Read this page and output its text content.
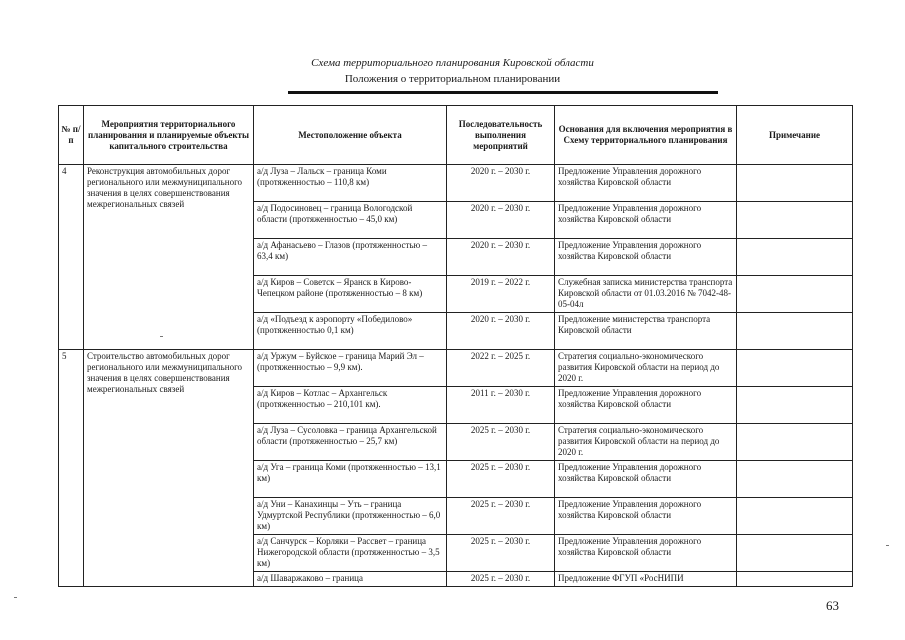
Схема территориального планирования Кировской области
Положения о территориальном планировании
№ п/п	Мероприятия территориального планирования и планируемые объекты капитального строительства	Местоположение объекта	Последовательность выполнения мероприятий	Основания для включения мероприятия в Схему территориального планирования	Примечание
4	Реконструкция автомобильных дорог регионального или межмуниципального значения в целях совершенствования межрегиональных связей	а/д Луза – Лальск – граница Коми (протяженностью – 110,8 км)	2020 г. – 2030 г.	Предложение Управления дорожного хозяйства Кировской области	
		а/д Подосиновец – граница Вологодской области (протяженностью – 45,0 км)	2020 г. – 2030 г.	Предложение Управления дорожного хозяйства Кировской области	
		а/д Афанасьево – Глазов (протяженностью – 63,4 км)	2020 г. – 2030 г.	Предложение Управления дорожного хозяйства Кировской области	
		а/д Киров – Советск – Яранск в Кирово-Чепецком районе (протяженностью – 8 км)	2019 г. – 2022 г.	Служебная записка министерства транспорта Кировской области от 01.03.2016 № 7042-48-05-04л	
		а/д «Подъезд к аэропорту «Победилово» (протяженностью 0,1 км)	2020 г. – 2030 г.	Предложение министерства транспорта Кировской области	
5	Строительство автомобильных дорог регионального или межмуниципального значения в целях совершенствования межрегиональных связей	а/д Уржум – Буйское – граница Марий Эл – (протяженностью – 9,9 км).	2022 г. – 2025 г.	Стратегия социально-экономического развития Кировской области на период до 2020 г.	
		а/д Киров – Котлас – Архангельск (протяженностью – 210,101 км).	2011 г. – 2030 г.	Предложение Управления дорожного хозяйства Кировской области	
		а/д Луза – Сусоловка – граница Архангельской области (протяженностью – 25,7 км)	2025 г. – 2030 г.	Стратегия социально-экономического развития Кировской области на период до 2020 г.	
		а/д Уга – граница Коми (протяженностью – 13,1 км)	2025 г. – 2030 г.	Предложение Управления дорожного хозяйства Кировской области	
		а/д Уни – Канахинцы – Уть – граница Удмуртской Республики (протяженностью – 6,0 км)	2025 г. – 2030 г.	Предложение Управления дорожного хозяйства Кировской области	
		а/д Санчурск – Корляки – Рассвет – граница Нижегородской области (протяженностью – 3,5 км)	2025 г. – 2030 г.	Предложение Управления дорожного хозяйства Кировской области	
		а/д Шаваржаково – граница	2025 г. – 2030 г.	Предложение ФГУП «РосНИПИ	
63
